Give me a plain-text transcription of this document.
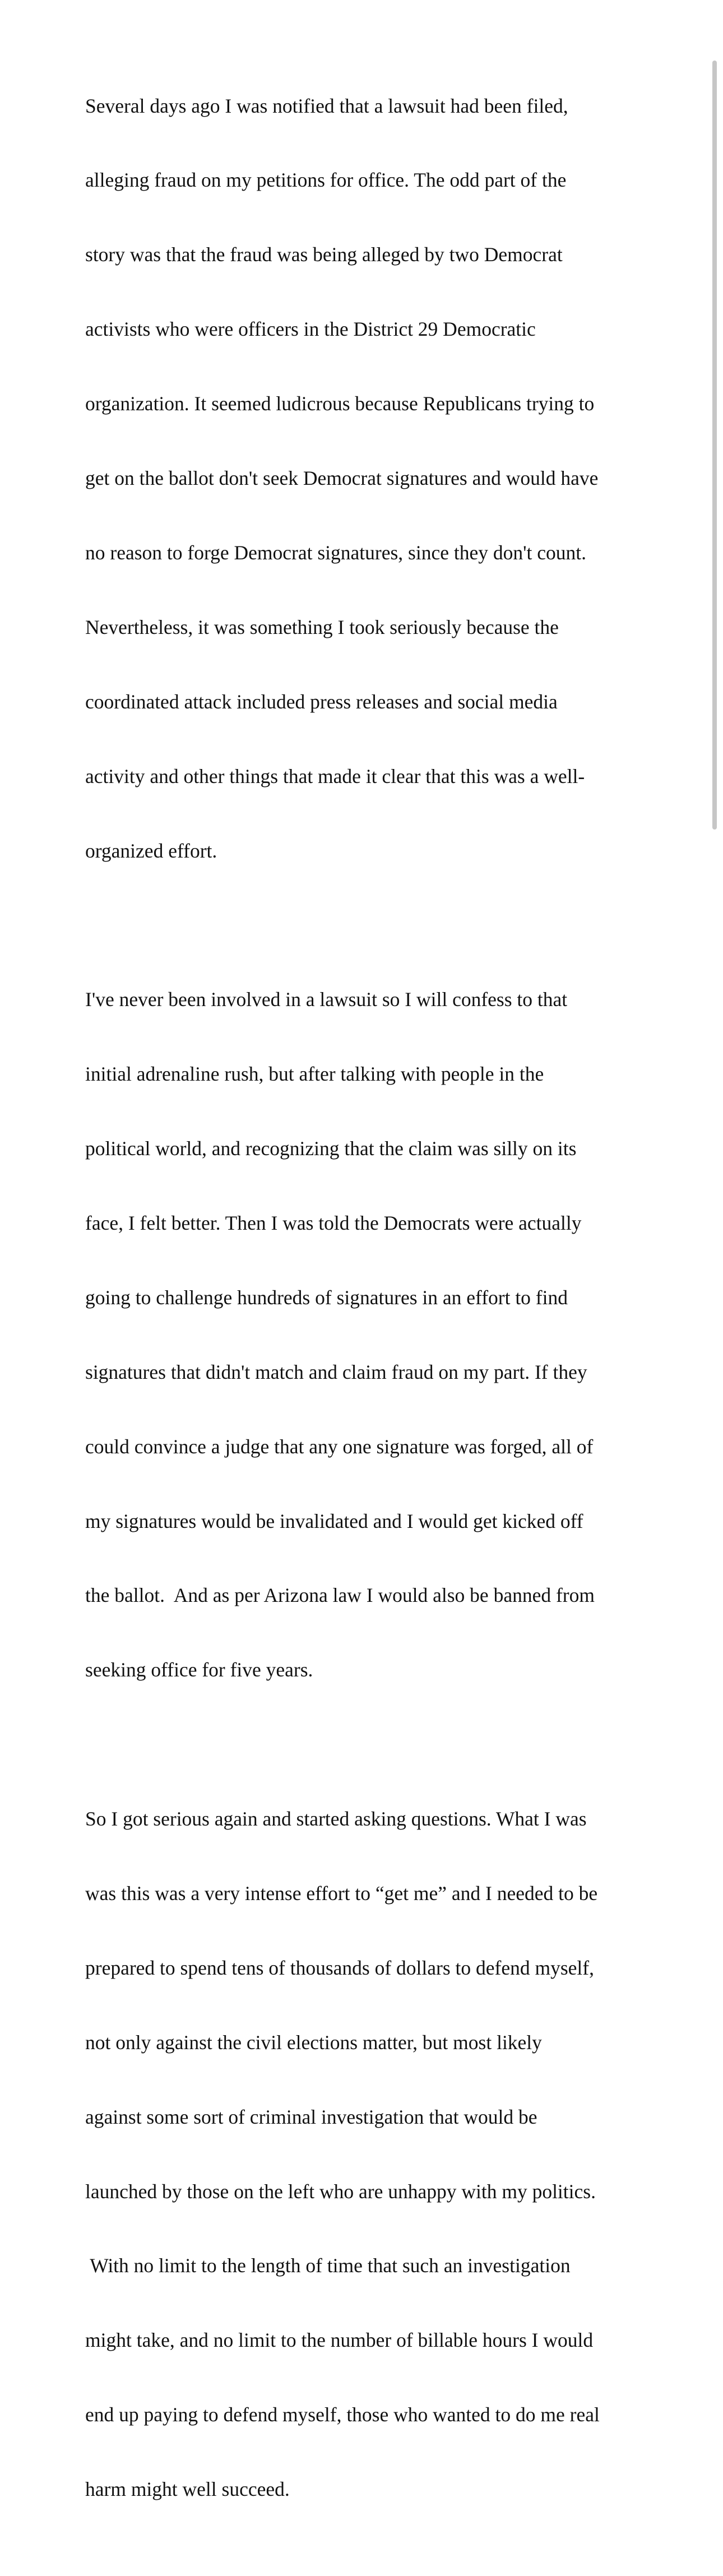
Several days ago I was notified that a lawsuit had been filed,

alleging fraud on my petitions for office. The odd part of the

story was that the fraud was being alleged by two Democrat

activists who were officers in the District 29 Democratic

organization. It seemed ludicrous because Republicans trying to

get on the ballot don't seek Democrat signatures and would have

no reason to forge Democrat signatures, since they don't count.

Nevertheless, it was something I took seriously because the

coordinated attack included press releases and social media

activity and other things that made it clear that this was a well-

organized effort.

I've never been involved in a lawsuit so I will confess to that

initial adrenaline rush, but after talking with people in the

political world, and recognizing that the claim was silly on its

face, I felt better. Then I was told the Democrats were actually

going to challenge hundreds of signatures in an effort to find

signatures that didn't match and claim fraud on my part. If they

could convince a judge that any one signature was forged, all of

my signatures would be invalidated and I would get kicked off

the ballot.  And as per Arizona law I would also be banned from

seeking office for five years.

So I got serious again and started asking questions. What I was

was this was a very intense effort to “get me” and I needed to be

prepared to spend tens of thousands of dollars to defend myself,

not only against the civil elections matter, but most likely

against some sort of criminal investigation that would be

launched by those on the left who are unhappy with my politics.

With no limit to the length of time that such an investigation

might take, and no limit to the number of billable hours I would

end up paying to defend myself, those who wanted to do me real

harm might well succeed.
